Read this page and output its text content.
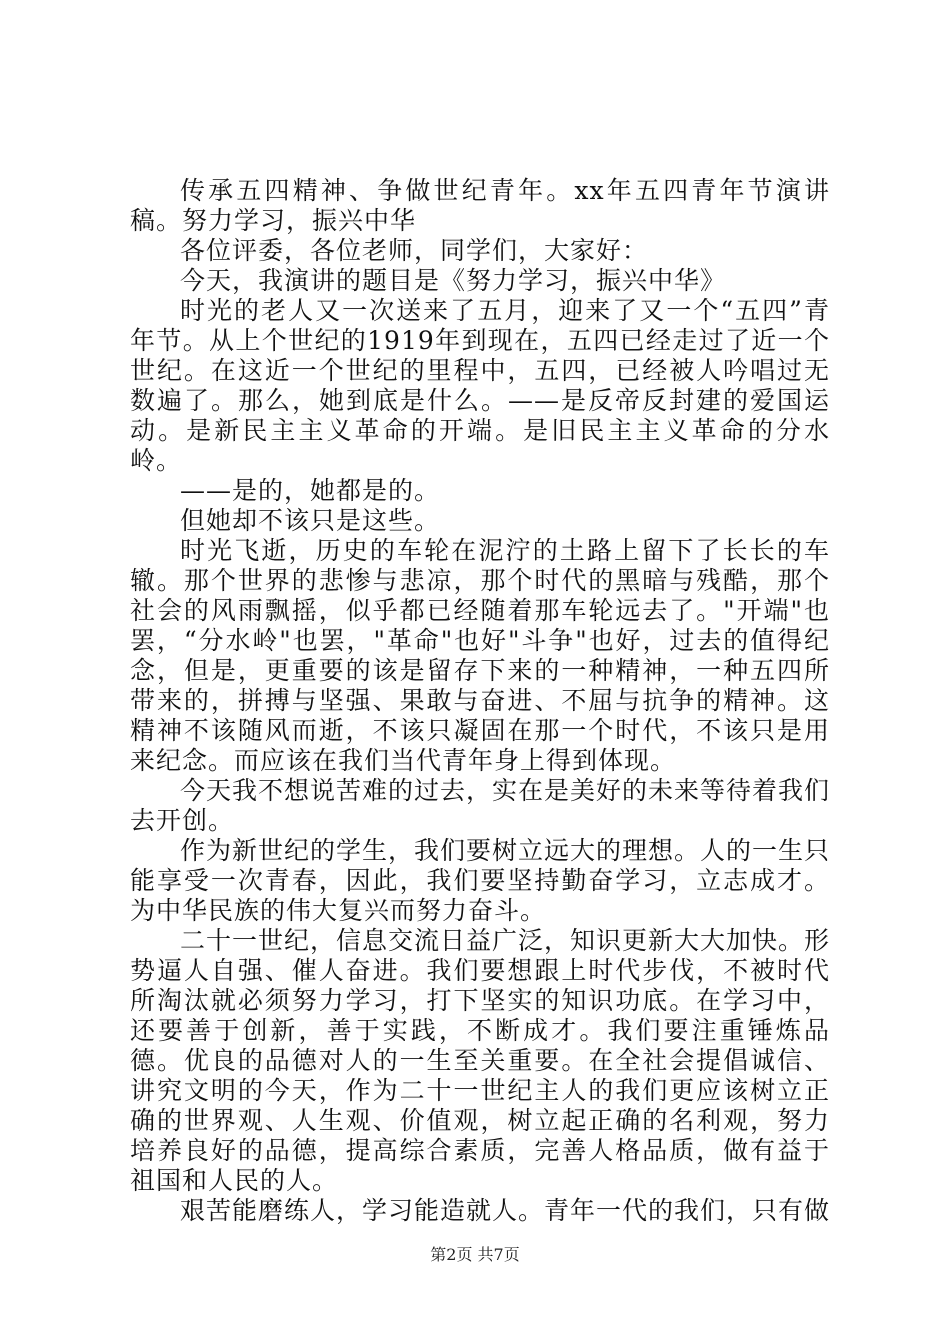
传承五四精神、争做世纪青年。xx年五四青年节演讲稿。努力学习，振兴中华

各位评委，各位老师，同学们，大家好：

今天，我演讲的题目是《努力学习，振兴中华》

时光的老人又一次送来了五月，迎来了又一个“五四”青年节。从上个世纪的1919年到现在，五四已经走过了近一个世纪。在这近一个世纪的里程中，五四，已经被人吟唱过无数遍了。那么，她到底是什么。——是反帝反封建的爱国运动。是新民主主义革命的开端。是旧民主主义革命的分水岭。

——是的，她都是的。

但她却不该只是这些。

时光飞逝，历史的车轮在泥泞的土路上留下了长长的车辙。那个世界的悲惨与悲凉，那个时代的黑暗与残酷，那个社会的风雨飘摇，似乎都已经随着那车轮远去了。"开端"也罢，“分水岭"也罢，"革命"也好"斗争"也好，过去的值得纪念，但是，更重要的该是留存下来的一种精神，一种五四所带来的，拼搏与坚强、果敢与奋进、不屈与抗争的精神。这精神不该随风而逝，不该只凝固在那一个时代，不该只是用来纪念。而应该在我们当代青年身上得到体现。

今天我不想说苦难的过去，实在是美好的未来等待着我们去开创。

作为新世纪的学生，我们要树立远大的理想。人的一生只能享受一次青春，因此，我们要坚持勤奋学习，立志成才。为中华民族的伟大复兴而努力奋斗。

二十一世纪，信息交流日益广泛，知识更新大大加快。形势逼人自强、催人奋进。我们要想跟上时代步伐，不被时代所淘汰就必须努力学习，打下坚实的知识功底。在学习中，还要善于创新，善于实践，不断成才。我们要注重锤炼品德。优良的品德对人的一生至关重要。在全社会提倡诚信、讲究文明的今天，作为二十一世纪主人的我们更应该树立正确的世界观、人生观、价值观，树立起正确的名利观，努力培养良好的品德，提高综合素质，完善人格品质，做有益于祖国和人民的人。

艰苦能磨练人，学习能造就人。青年一代的我们，只有做

第2页 共7页
